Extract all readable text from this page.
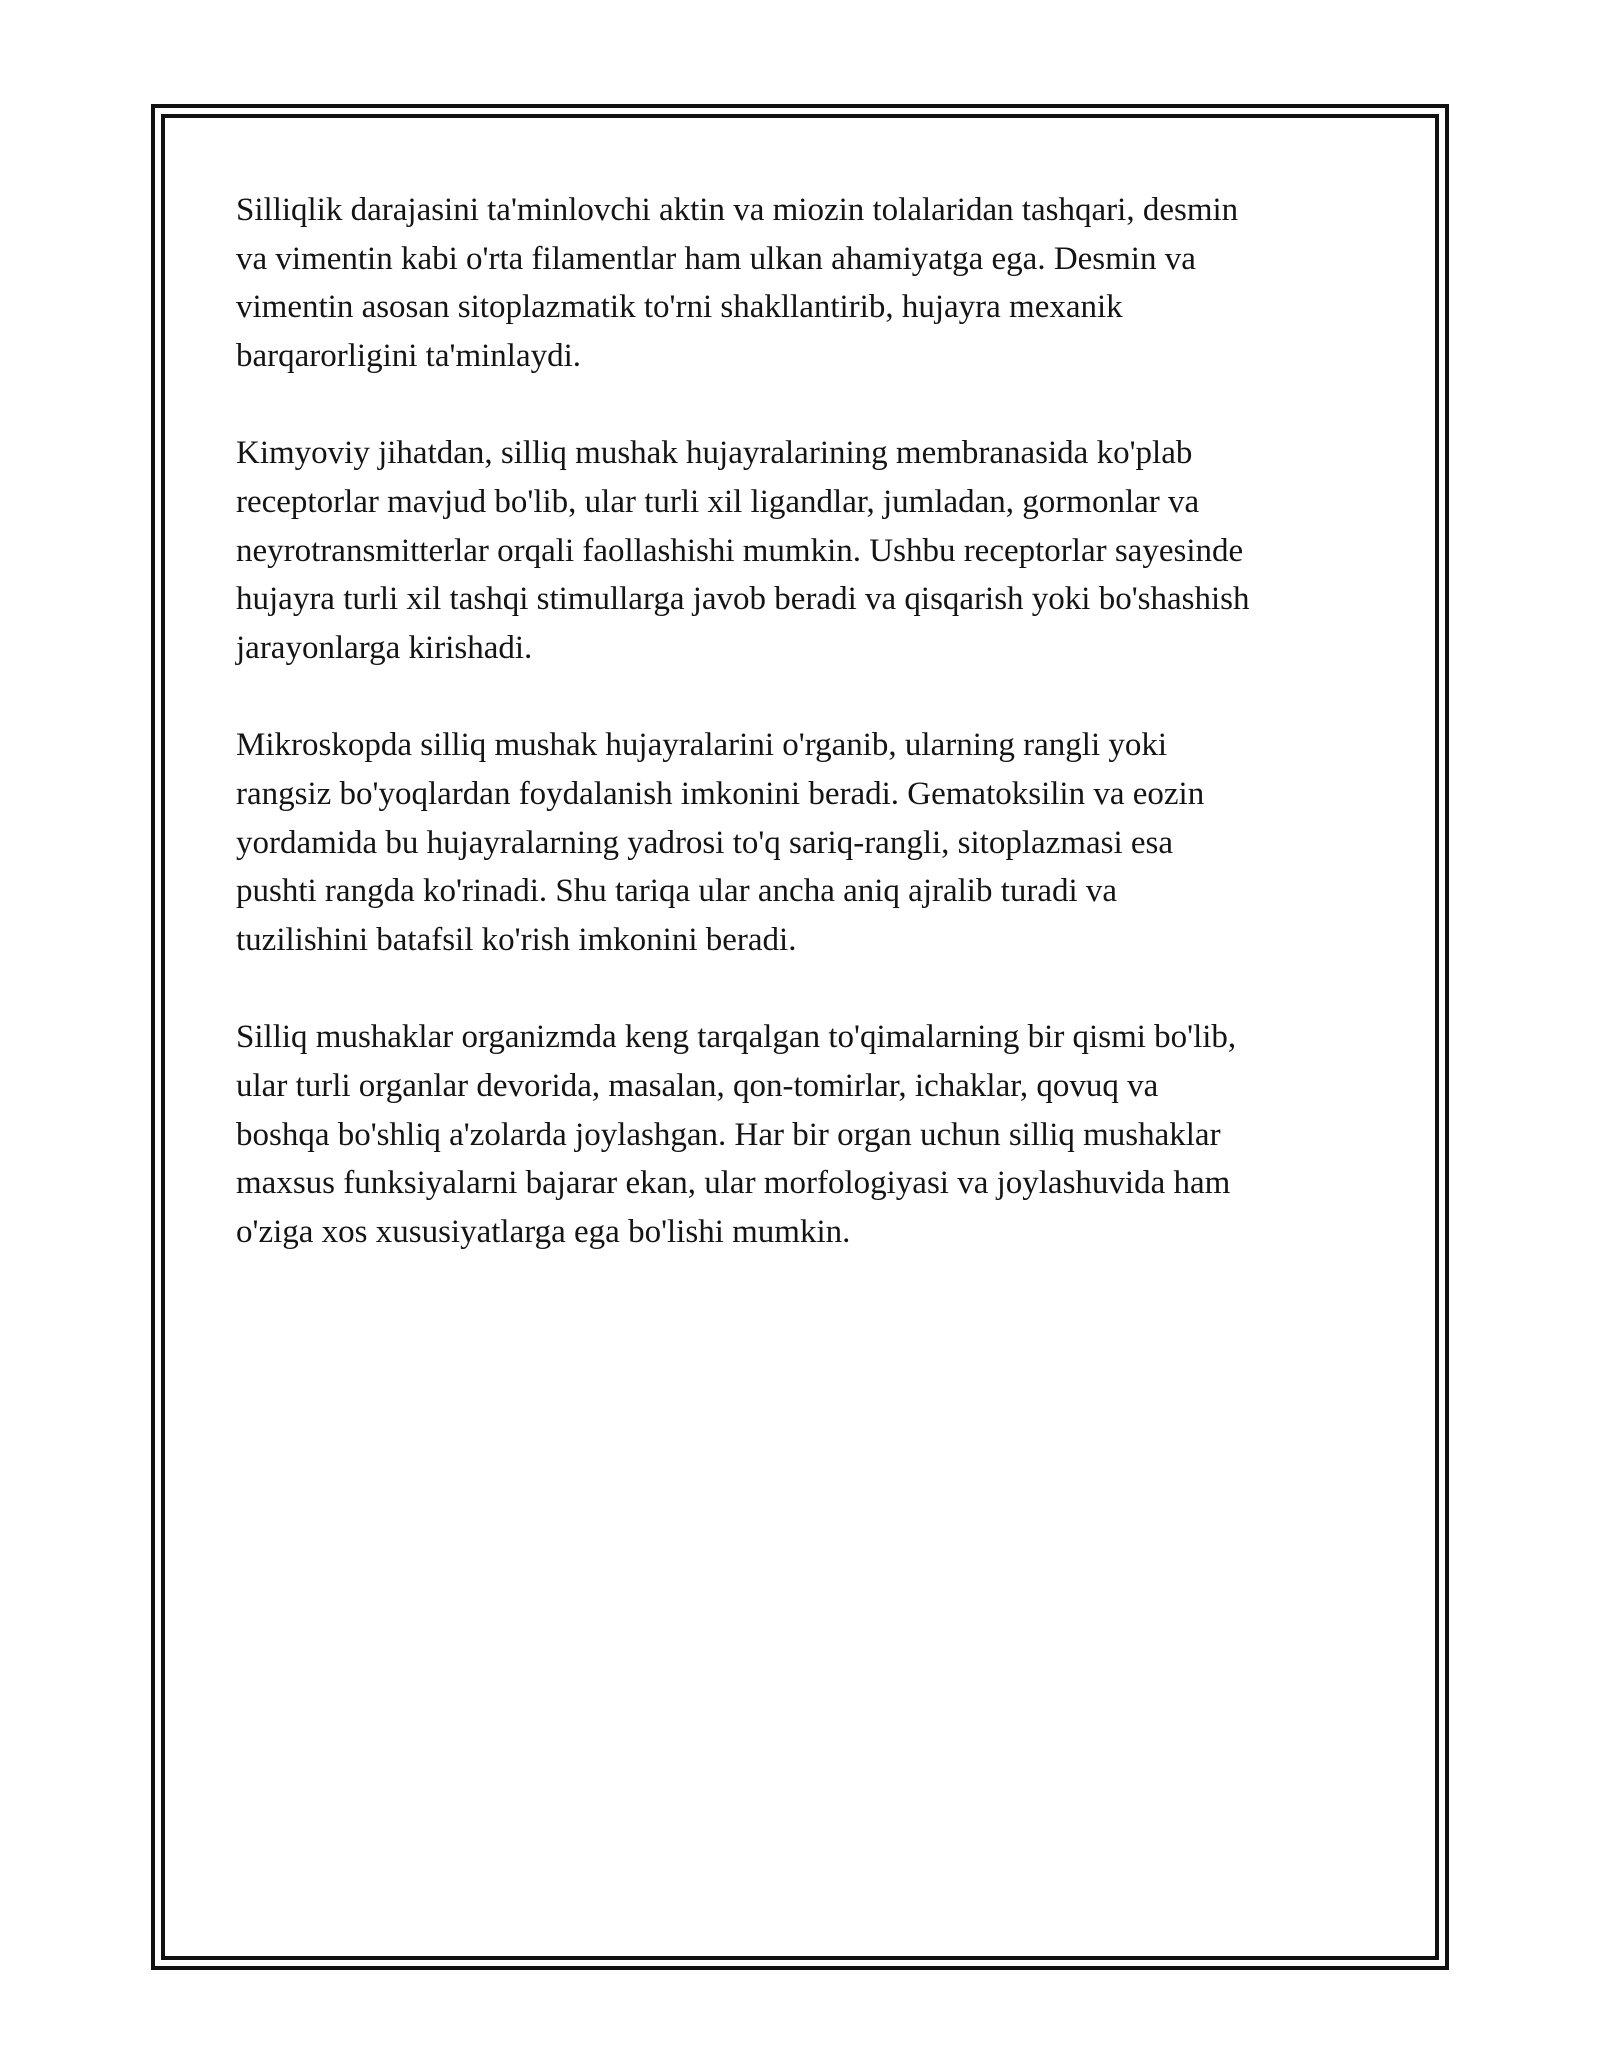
Silliqlik darajasini ta'minlovchi aktin va miozin tolalaridan tashqari, desmin
va vimentin kabi o'rta filamentlar ham ulkan ahamiyatga ega. Desmin va
vimentin asosan sitoplazmatik to'rni shakllantirib, hujayra mexanik
barqarorligini ta'minlaydi.

Kimyoviy jihatdan, silliq mushak hujayralarining membranasida ko'plab
receptorlar mavjud bo'lib, ular turli xil ligandlar, jumladan, gormonlar va
neyrotransmitterlar orqali faollashishi mumkin. Ushbu receptorlar sayesinde
hujayra turli xil tashqi stimullarga javob beradi va qisqarish yoki bo'shashish
jarayonlarga kirishadi.

Mikroskopda silliq mushak hujayralarini o'rganib, ularning rangli yoki
rangsiz bo'yoqlardan foydalanish imkonini beradi. Gematoksilin va eozin
yordamida bu hujayralarning yadrosi to'q sariq-rangli, sitoplazmasi esa
pushti rangda ko'rinadi. Shu tariqa ular ancha aniq ajralib turadi va
tuzilishini batafsil ko'rish imkonini beradi.

Silliq mushaklar organizmda keng tarqalgan to'qimalarning bir qismi bo'lib,
ular turli organlar devorida, masalan, qon-tomirlar, ichaklar, qovuq va
boshqa bo'shliq a'zolarda joylashgan. Har bir organ uchun silliq mushaklar
maxsus funksiyalarni bajarar ekan, ular morfologiyasi va joylashuvida ham
o'ziga xos xususiyatlarga ega bo'lishi mumkin.
